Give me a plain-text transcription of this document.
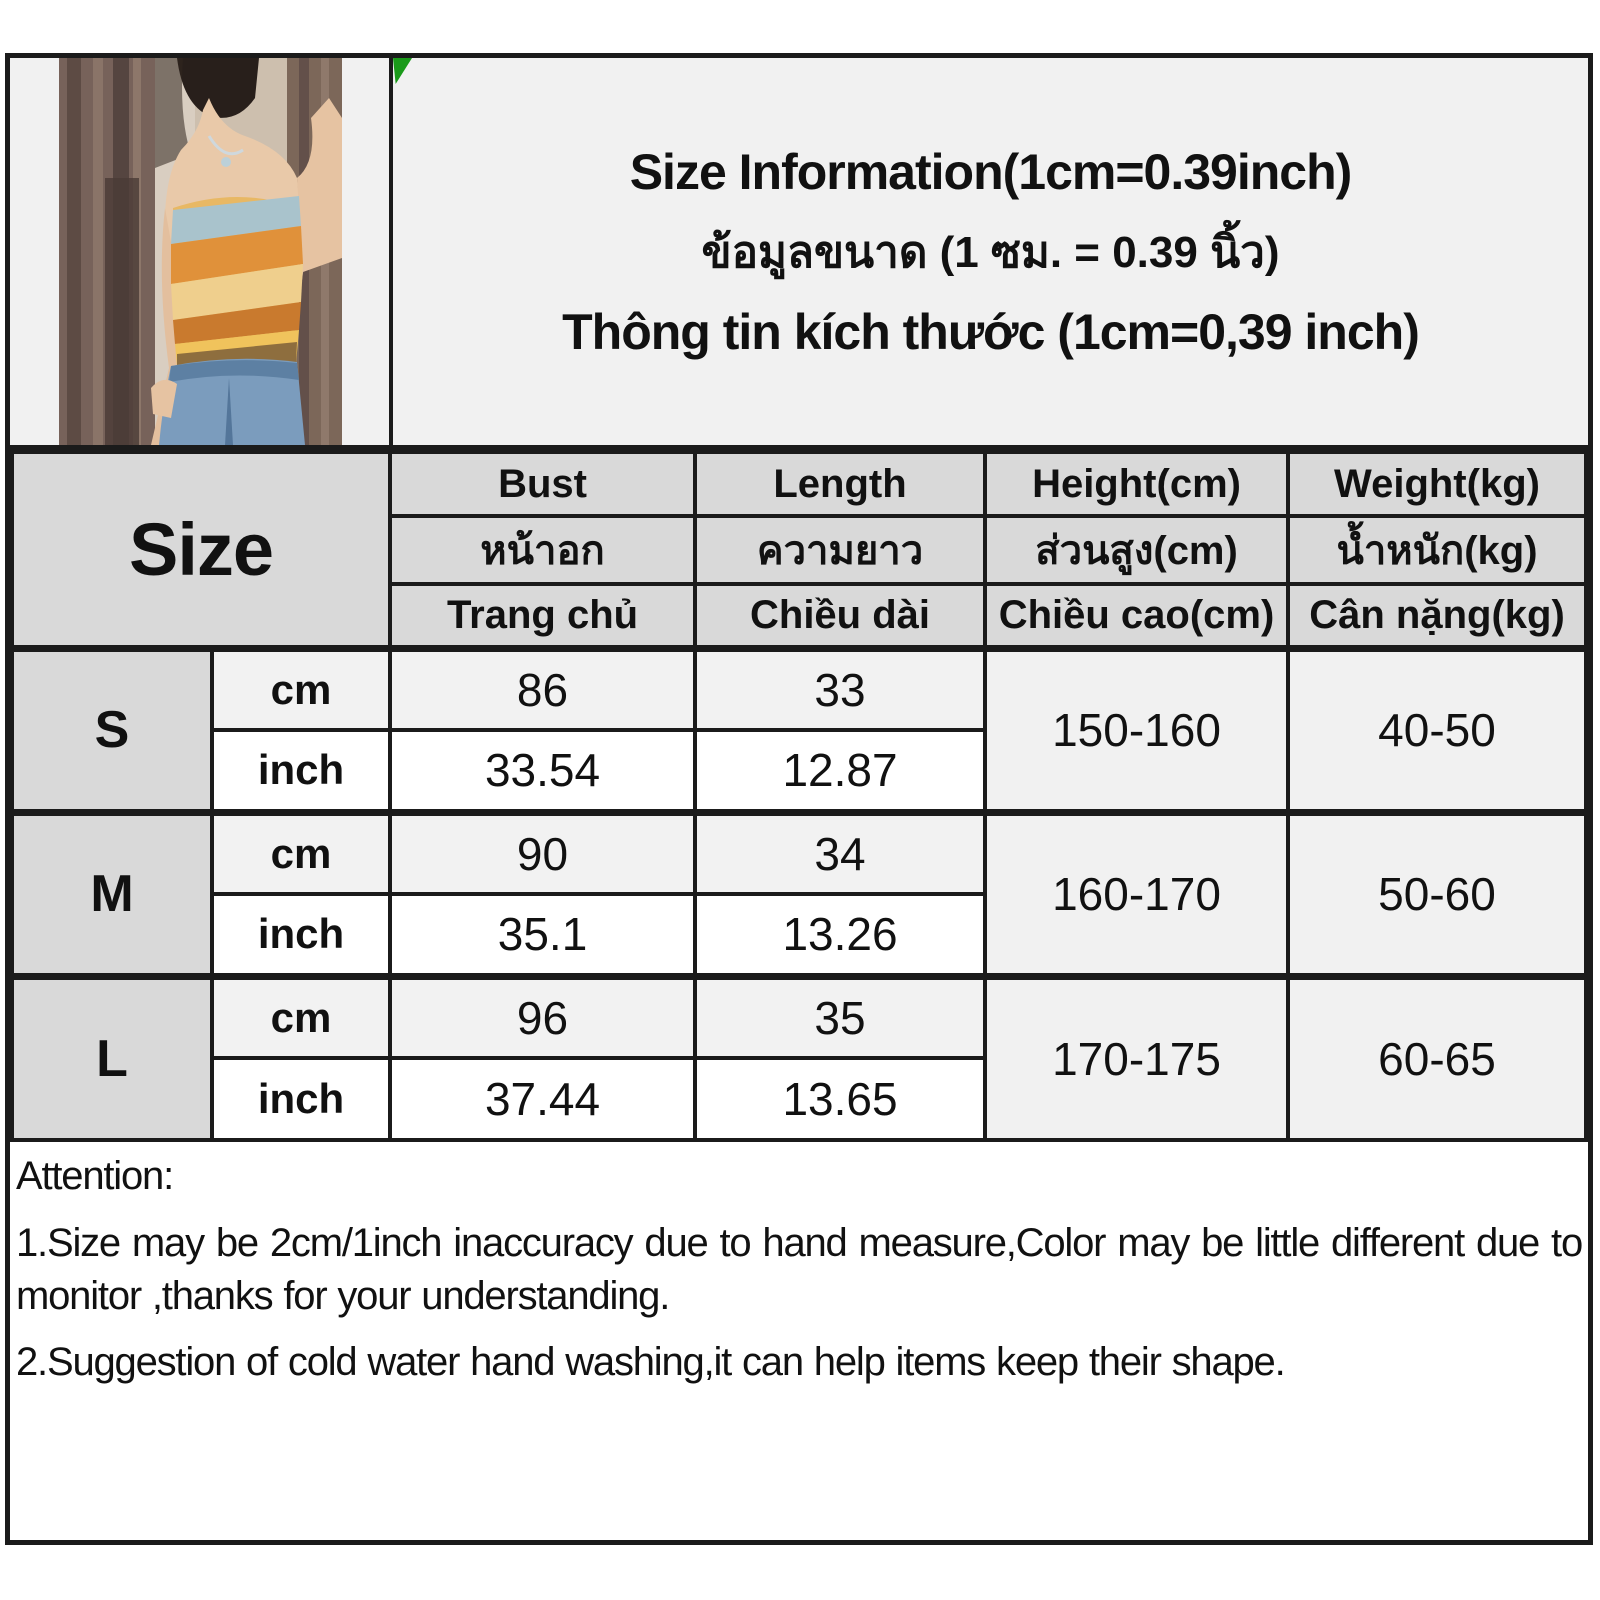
Size Information(1cm=0.39inch)
ข้อมูลขนาด (1 ซม. = 0.39 นิ้ว)
Thông tin kích thước (1cm=0,39 inch)
Size		Bust	Length	Height(cm)	Weight(kg)
		หน้าอก	ความยาว	ส่วนสูง(cm)	น้ำหนัก(kg)
		Trang chủ	Chiều dài	Chiều cao(cm)	Cân nặng(kg)
S	cm	86	33	150-160	40-50
	inch	33.54	12.87		
M	cm	90	34	160-170	50-60
	inch	35.1	13.26		
L	cm	96	35	170-175	60-65
	inch	37.44	13.65		

Attention:

1.Size may be 2cm/1inch inaccuracy due to hand measure,Color may be little different due to monitor ,thanks for your understanding.

2.Suggestion of cold water hand washing,it can help items keep their shape.
